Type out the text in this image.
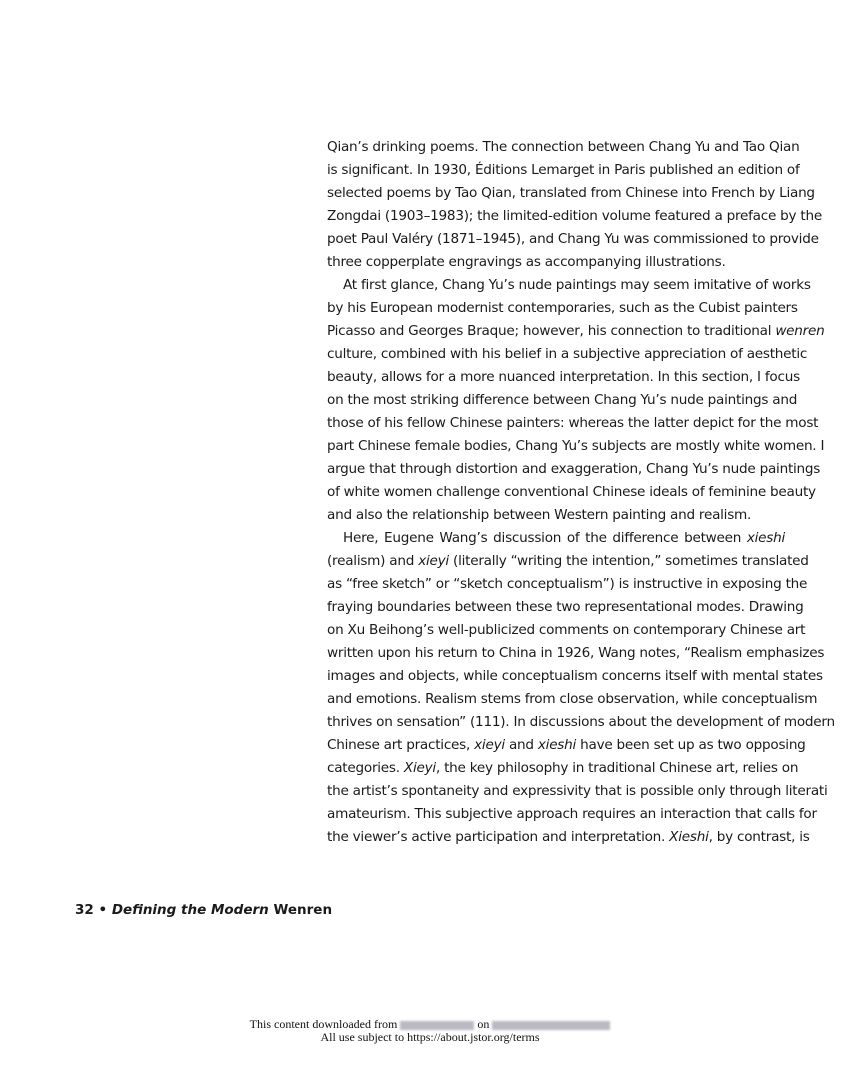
Qian’s drinking poems. The connection between Chang Yu and Tao Qian
is significant. In 1930, Éditions Lemarget in Paris published an edition of
selected poems by Tao Qian, translated from Chinese into French by Liang
Zongdai (1903–1983); the limited-edition volume featured a preface by the
poet Paul Valéry (1871–1945), and Chang Yu was commissioned to provide
three copperplate engravings as accompanying illustrations.
At first glance, Chang Yu’s nude paintings may seem imitative of works
by his European modernist contemporaries, such as the Cubist painters
Picasso and Georges Braque; however, his connection to traditional wenren
culture, combined with his belief in a subjective appreciation of aesthetic
beauty, allows for a more nuanced interpretation. In this section, I focus
on the most striking difference between Chang Yu’s nude paintings and
those of his fellow Chinese painters: whereas the latter depict for the most
part Chinese female bodies, Chang Yu’s subjects are mostly white women. I
argue that through distortion and exaggeration, Chang Yu’s nude paintings
of white women challenge conventional Chinese ideals of feminine beauty
and also the relationship between Western painting and realism.
Here, Eugene Wang’s discussion of the difference between xieshi
(realism) and xieyi (literally “writing the intention,” sometimes translated
as “free sketch” or “sketch conceptualism”) is instructive in exposing the
fraying boundaries between these two representational modes. Drawing
on Xu Beihong’s well-publicized comments on contemporary Chinese art
written upon his return to China in 1926, Wang notes, “Realism emphasizes
images and objects, while conceptualism concerns itself with mental states
and emotions. Realism stems from close observation, while conceptualism
thrives on sensation” (111). In discussions about the development of modern
Chinese art practices, xieyi and xieshi have been set up as two opposing
categories. Xieyi, the key philosophy in traditional Chinese art, relies on
the artist’s spontaneity and expressivity that is possible only through literati
amateurism. This subjective approach requires an interaction that calls for
the viewer’s active participation and interpretation. Xieshi, by contrast, is
32 • Defining the Modern Wenren
This content downloaded from	on
All use subject to https://about.jstor.org/terms
